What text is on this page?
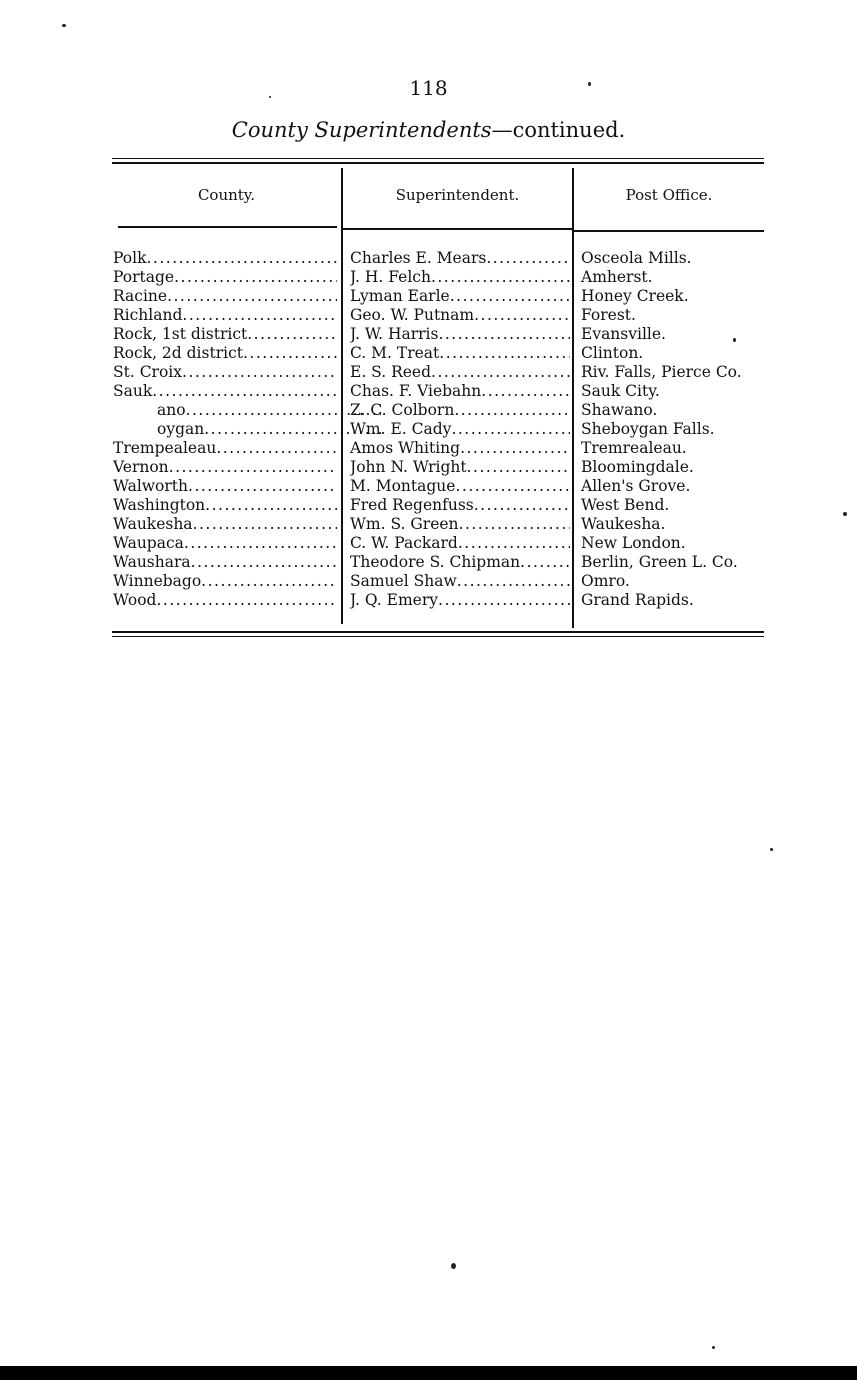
118
County Superintendents—continued.
County.	Superintendent.	Post Office.
Polk .....	Charles E. Mears .....	Osceola Mills.
Portage .....	J. H. Felch .....	Amherst.
Racine .....	Lyman Earle .....	Honey Creek.
Richland .....	Geo. W. Putnam .....	Forest.
Rock, 1st district .....	J. W. Harris .....	Evansville.
Rock, 2d district .....	C. M. Treat .....	Clinton.
St. Croix .....	E. S. Reed .....	Riv. Falls, Pierce Co.
Sauk .....	Chas. F. Viebahn .....	Sauk City.
ano .....	Z. C. Colborn .....	Shawano.
oygan .....	Wm. E. Cady .....	Sheboygan Falls.
Trempealeau .....	Amos Whiting .....	Tremrealeau.
Vernon .....	John N. Wright .....	Bloomingdale.
Walworth .....	M. Montague .....	Allen's Grove.
Washington .....	Fred Regenfuss .....	West Bend.
Waukesha .....	Wm. S. Green .....	Waukesha.
Waupaca .....	C. W. Packard .....	New London.
Waushara .....	Theodore S. Chipman .....	Berlin, Green L. Co.
Winnebago .....	Samuel Shaw .....	Omro.
Wood .....	J. Q. Emery .....	Grand Rapids.
